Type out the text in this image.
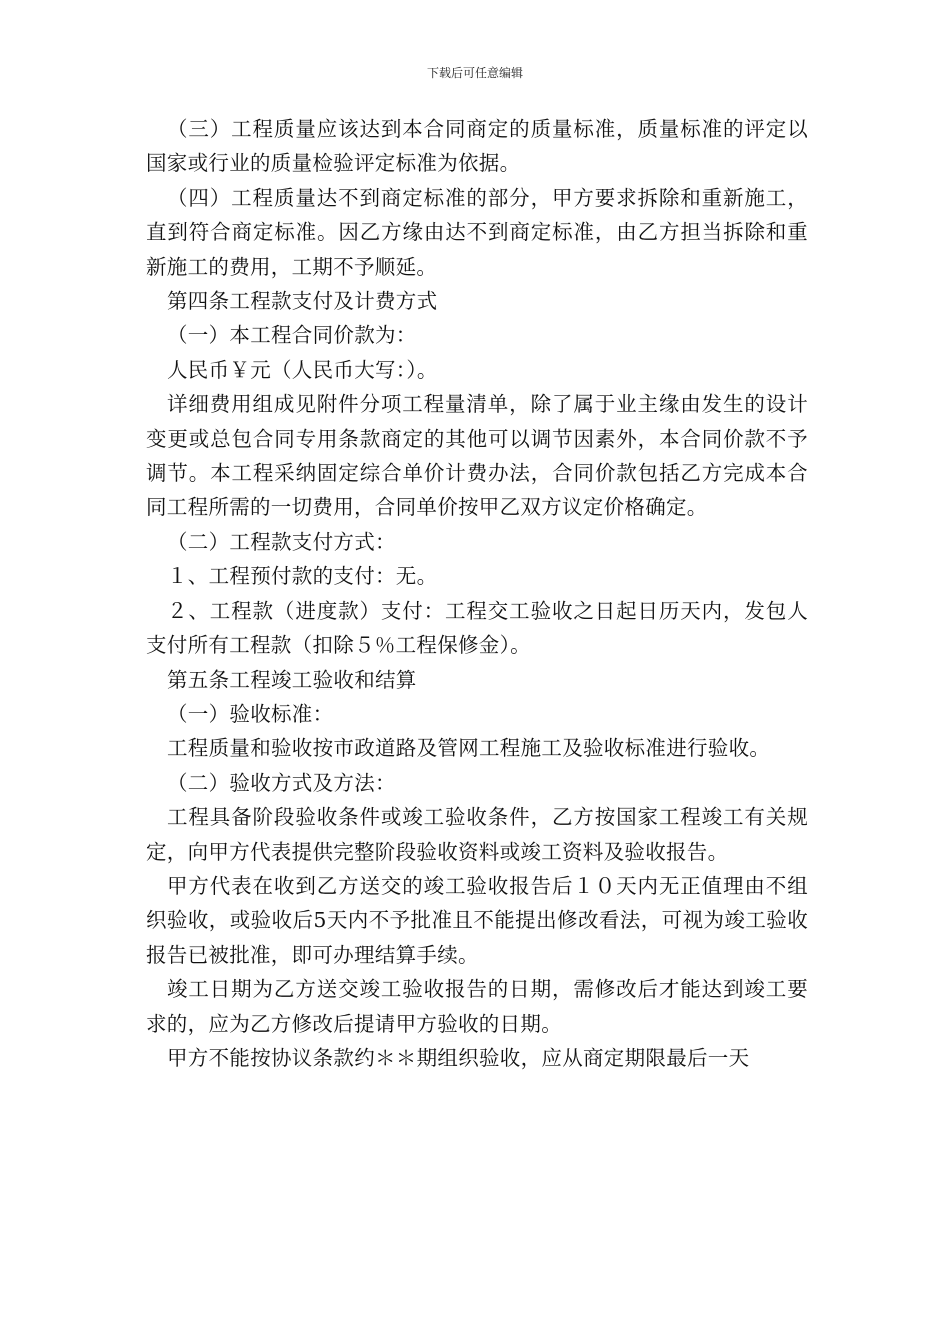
下载后可任意编辑

（三）工程质量应该达到本合同商定的质量标准，质量标准的评定以国家或行业的质量检验评定标准为依据。

（四）工程质量达不到商定标准的部分，甲方要求拆除和重新施工，直到符合商定标准。因乙方缘由达不到商定标准，由乙方担当拆除和重新施工的费用，工期不予顺延。

第四条工程款支付及计费方式

（一）本工程合同价款为：

人民币￥元（人民币大写：）。

详细费用组成见附件分项工程量清单，除了属于业主缘由发生的设计变更或总包合同专用条款商定的其他可以调节因素外，本合同价款不予调节。本工程采纳固定综合单价计费办法，合同价款包括乙方完成本合同工程所需的一切费用，合同单价按甲乙双方议定价格确定。

（二）工程款支付方式：

１、工程预付款的支付：无。

２、工程款（进度款）支付：工程交工验收之日起日历天内，发包人支付所有工程款（扣除５％工程保修金）。

第五条工程竣工验收和结算

（一）验收标准：

工程质量和验收按市政道路及管网工程施工及验收标准进行验收。

（二）验收方式及方法：

工程具备阶段验收条件或竣工验收条件，乙方按国家工程竣工有关规定，向甲方代表提供完整阶段验收资料或竣工资料及验收报告。

甲方代表在收到乙方送交的竣工验收报告后１０天内无正值理由不组织验收，或验收后5天内不予批准且不能提出修改看法，可视为竣工验收报告已被批准，即可办理结算手续。

竣工日期为乙方送交竣工验收报告的日期，需修改后才能达到竣工要求的，应为乙方修改后提请甲方验收的日期。

甲方不能按协议条款约＊＊期组织验收，应从商定期限最后一天
